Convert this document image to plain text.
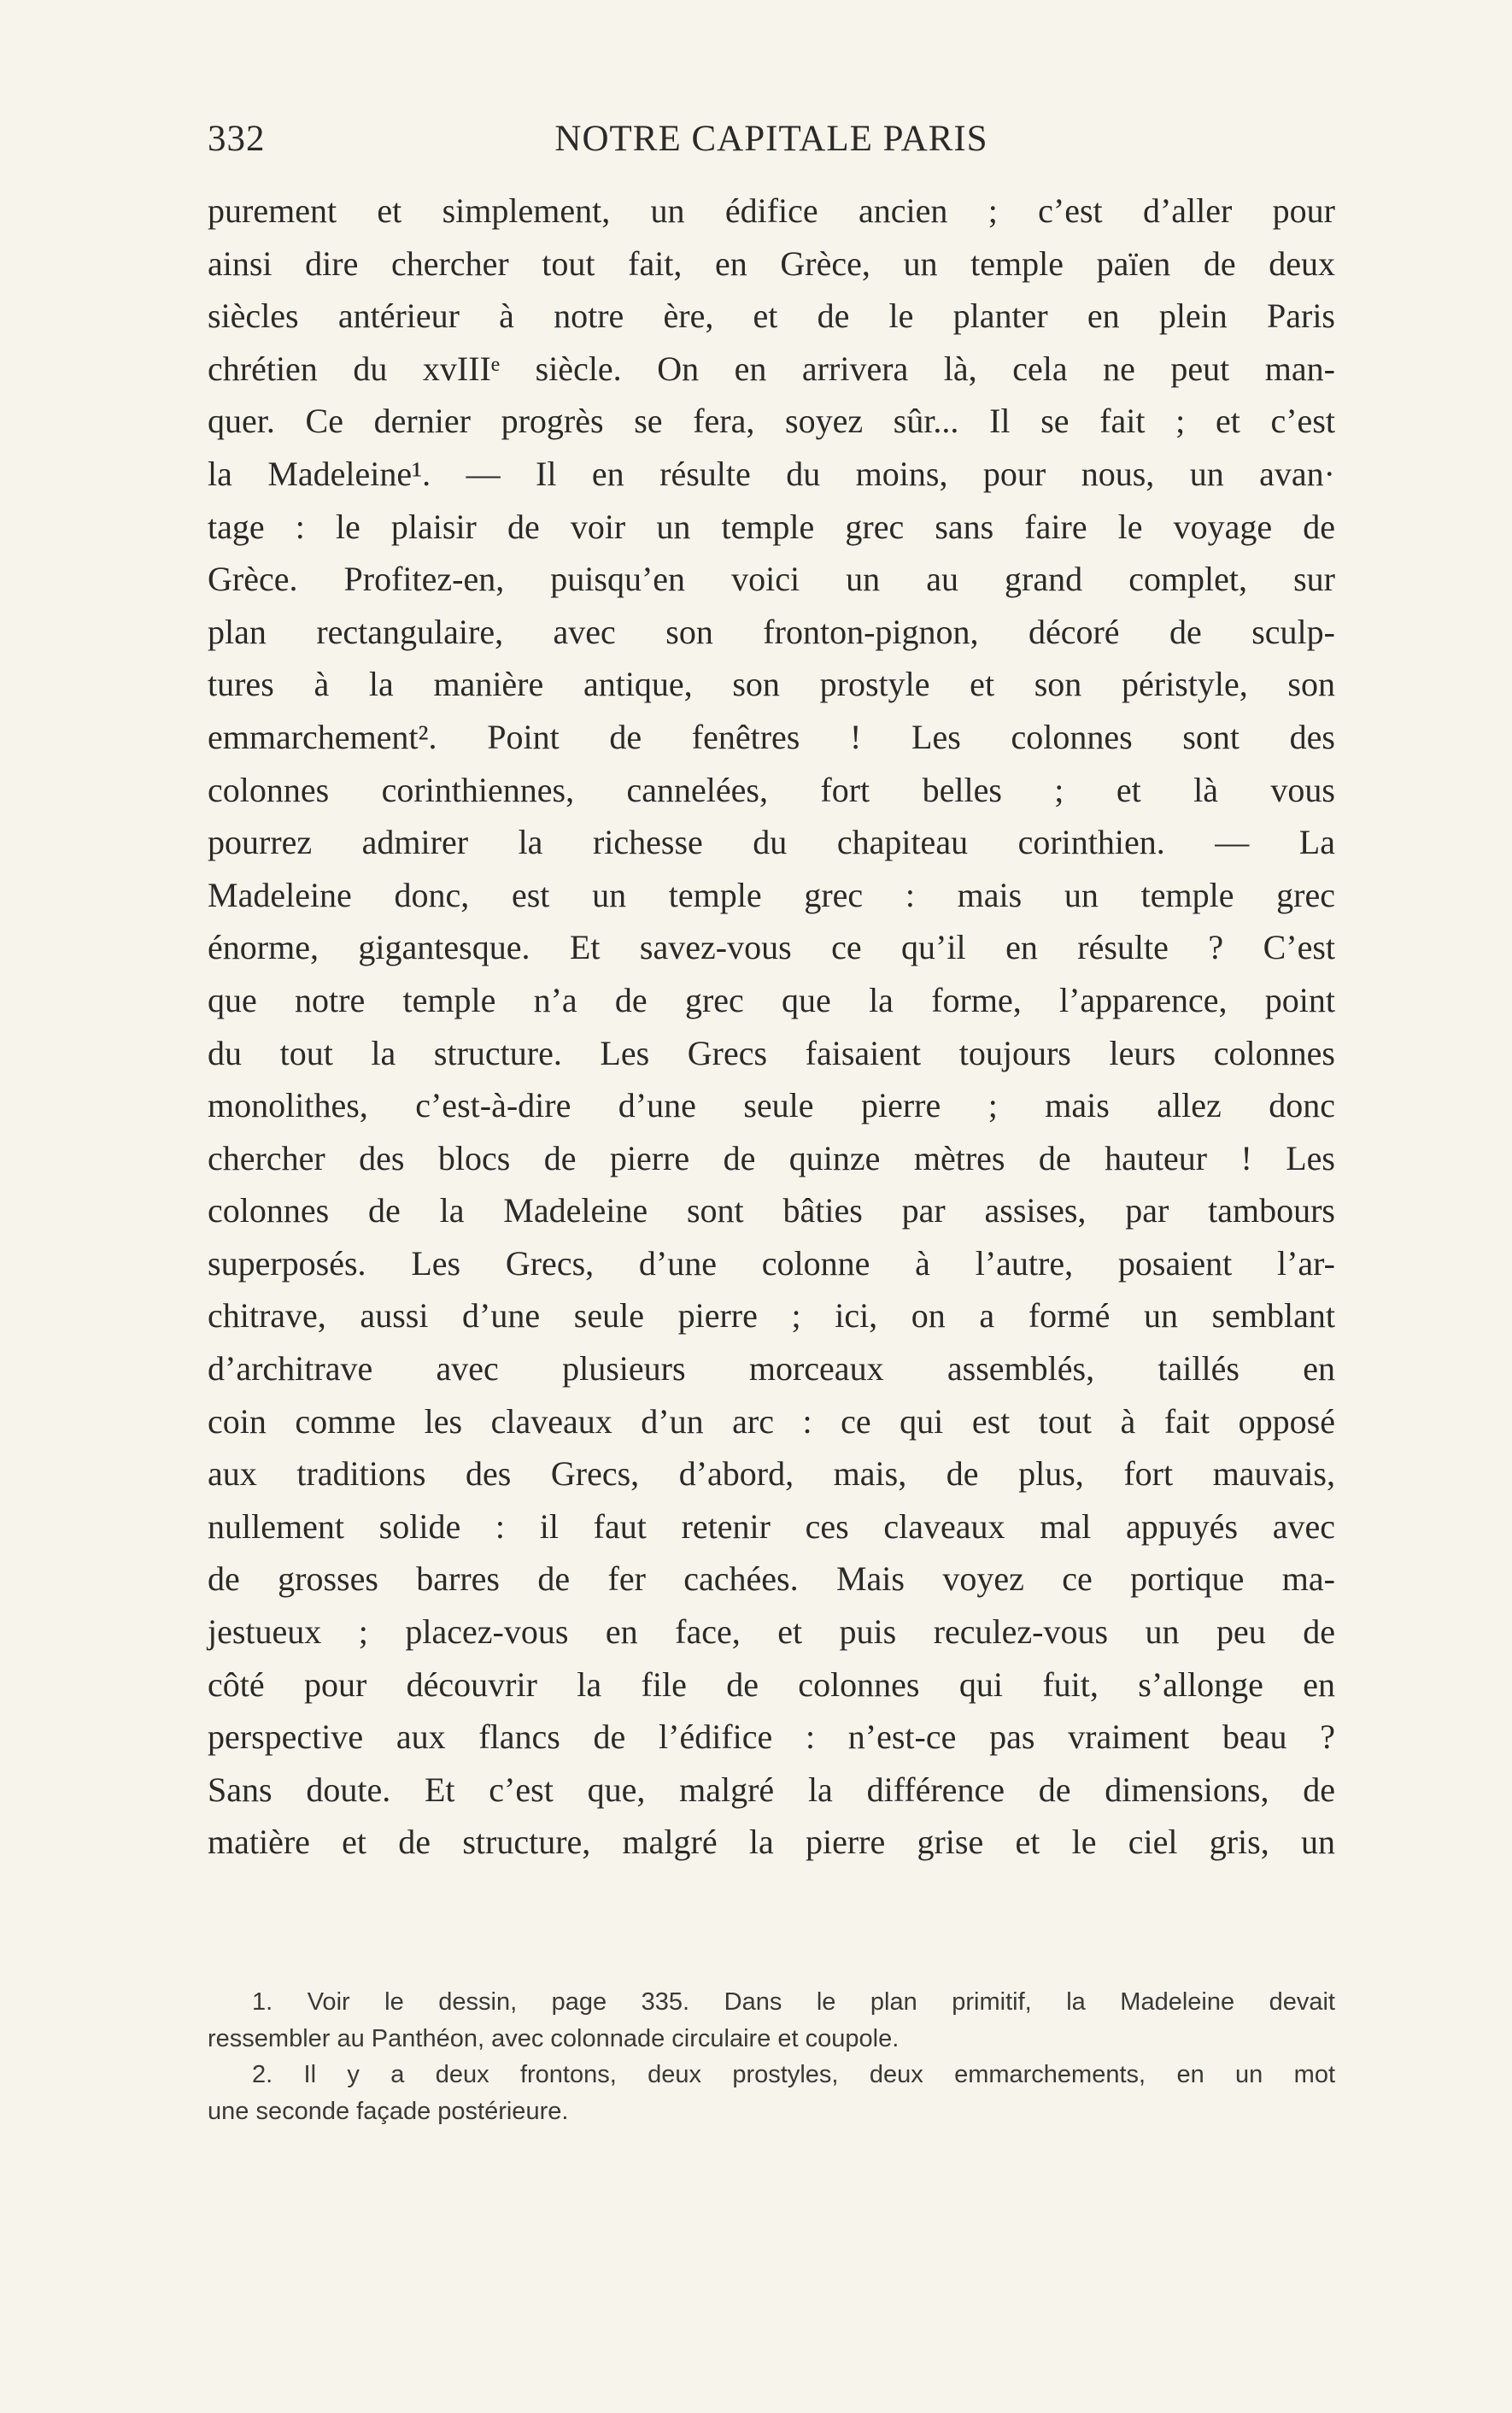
332	NOTRE CAPITALE PARIS
purement et simplement, un édifice ancien ; c’est d’aller pour
ainsi dire chercher tout fait, en Grèce, un temple païen de deux
siècles antérieur à notre ère, et de le planter en plein Paris
chrétien du xvIIIᵉ siècle. On en arrivera là, cela ne peut man-
quer. Ce dernier progrès se fera, soyez sûr... Il se fait ; et c’est
la Madeleine¹. — Il en résulte du moins, pour nous, un avan·
tage : le plaisir de voir un temple grec sans faire le voyage de
Grèce. Profitez-en, puisqu’en voici un au grand complet, sur
plan rectangulaire, avec son fronton-pignon, décoré de sculp-
tures à la manière antique, son prostyle et son péristyle, son
emmarchement². Point de fenêtres ! Les colonnes sont des
colonnes corinthiennes, cannelées, fort belles ; et là vous
pourrez admirer la richesse du chapiteau corinthien. — La
Madeleine donc, est un temple grec : mais un temple grec
énorme, gigantesque. Et savez-vous ce qu’il en résulte ? C’est
que notre temple n’a de grec que la forme, l’apparence, point
du tout la structure. Les Grecs faisaient toujours leurs colonnes
monolithes, c’est-à-dire d’une seule pierre ; mais allez donc
chercher des blocs de pierre de quinze mètres de hauteur ! Les
colonnes de la Madeleine sont bâties par assises, par tambours
superposés. Les Grecs, d’une colonne à l’autre, posaient l’ar-
chitrave, aussi d’une seule pierre ; ici, on a formé un semblant
d’architrave avec plusieurs morceaux assemblés, taillés en
coin comme les claveaux d’un arc : ce qui est tout à fait opposé
aux traditions des Grecs, d’abord, mais, de plus, fort mauvais,
nullement solide : il faut retenir ces claveaux mal appuyés avec
de grosses barres de fer cachées. Mais voyez ce portique ma-
jestueux ; placez-vous en face, et puis reculez-vous un peu de
côté pour découvrir la file de colonnes qui fuit, s’allonge en
perspective aux flancs de l’édifice : n’est-ce pas vraiment beau ?
Sans doute. Et c’est que, malgré la différence de dimensions, de
matière et de structure, malgré la pierre grise et le ciel gris, un
1. Voir le dessin, page 335. Dans le plan primitif, la Madeleine devait
ressembler au Panthéon, avec colonnade circulaire et coupole.
2. Il y a deux frontons, deux prostyles, deux emmarchements, en un mot
une seconde façade postérieure.
